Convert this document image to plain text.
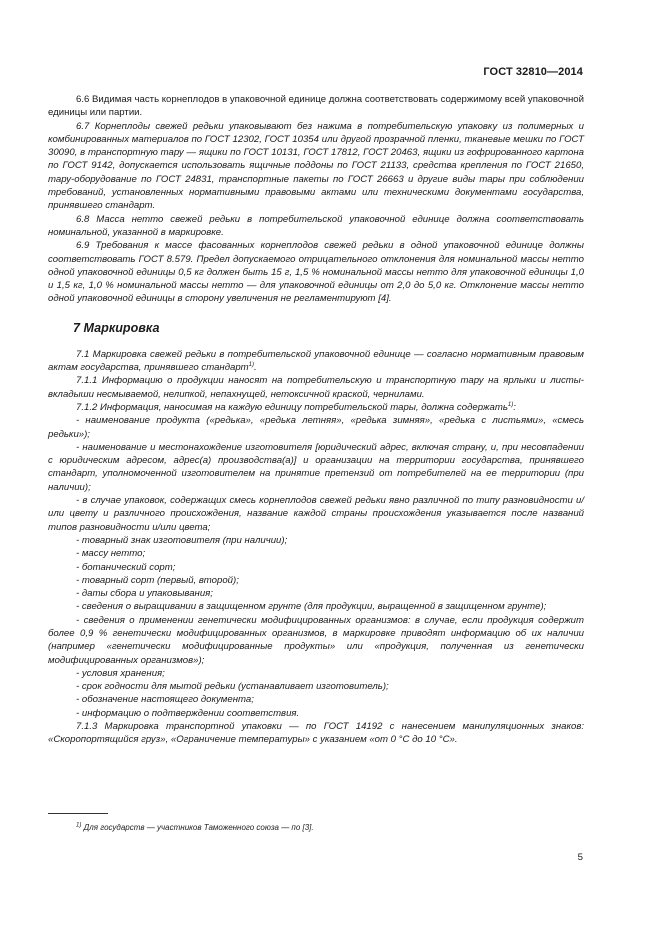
ГОСТ 32810—2014

6.6 Видимая часть корнеплодов в упаковочной единице должна соответствовать содержимому всей упаковочной единицы или партии.

6.7 Корнеплоды свежей редьки упаковывают без нажима в потребительскую упаковку из полимерных и комбинированных материалов по ГОСТ 12302, ГОСТ 10354 или другой прозрачной пленки, тканевые мешки по ГОСТ 30090, в транспортную тару — ящики по ГОСТ 10131, ГОСТ 17812, ГОСТ 20463, ящики из гофрированного картона по ГОСТ 9142, допускается использовать ящичные поддоны по ГОСТ 21133, средства крепления по ГОСТ 21650, тару-оборудование по ГОСТ 24831, транспортные пакеты по ГОСТ 26663 и другие виды тары при соблюдении требований, установленных нормативными правовыми актами или техническими документами государства, принявшего стандарт.

6.8 Масса нетто свежей редьки в потребительской упаковочной единице должна соответствовать номинальной, указанной в маркировке.

6.9 Требования к массе фасованных корнеплодов свежей редьки в одной упаковочной единице должны соответствовать ГОСТ 8.579. Предел допускаемого отрицательного отклонения для номинальной массы нетто одной упаковочной единицы 0,5 кг должен быть 15 г, 1,5 % номинальной массы нетто для упаковочной единицы 1,0 и 1,5 кг, 1,0 % номинальной массы нетто — для упаковочной единицы от 2,0 до 5,0 кг. Отклонение массы нетто одной упаковочной единицы в сторону увеличения не регламентируют [4].

7 Маркировка

7.1 Маркировка свежей редьки в потребительской упаковочной единице — согласно нормативным правовым актам государства, принявшего стандарт$^{1)}$.

7.1.1 Информацию о продукции наносят на потребительскую и транспортную тару на ярлыки и листы-вкладыши несмываемой, нелипкой, непахнущей, нетоксичной краской, чернилами.

7.1.2 Информация, наносимая на каждую единицу потребительской тары, должна содержать$^{1)}$:

- наименование продукта («редька», «редька летняя», «редька зимняя», «редька с листьями», «смесь редьки»);

- наименование и местонахождение изготовителя [юридический адрес, включая страну, и, при несовпадении с юридическим адресом, адрес(а) производства(а)] и организации на территории государства, принявшего стандарт, уполномоченной изготовителем на принятие претензий от потребителей на ее территории (при наличии);

- в случае упаковок, содержащих смесь корнеплодов свежей редьки явно различной по типу разновидности и/или цвету и различного происхождения, название каждой страны происхождения указывается после названий типов разновидности и/или цвета;

- товарный знак изготовителя (при наличии);

- массу нетто;

- ботанический сорт;

- товарный сорт (первый, второй);

- даты сбора и упаковывания;

- сведения о выращивании в защищенном грунте (для продукции, выращенной в защищенном грунте);

- сведения о применении генетически модифицированных организмов: в случае, если продукция содержит более 0,9 % генетически модифицированных организмов, в маркировке приводят информацию об их наличии (например «генетически модифицированные продукты» или «продукция, полученная из генетически модифицированных организмов»);

- условия хранения;

- срок годности для мытой редьки (устанавливает изготовитель);

- обозначение настоящего документа;

- информацию о подтверждении соответствия.

7.1.3 Маркировка транспортной упаковки — по ГОСТ 14192 с нанесением манипуляционных знаков: «Скоропортящийся груз», «Ограничение температуры» с указанием «от 0 °C до 10 °C».

$^{1)}$ Для государств — участников Таможенного союза — по [3].
5
